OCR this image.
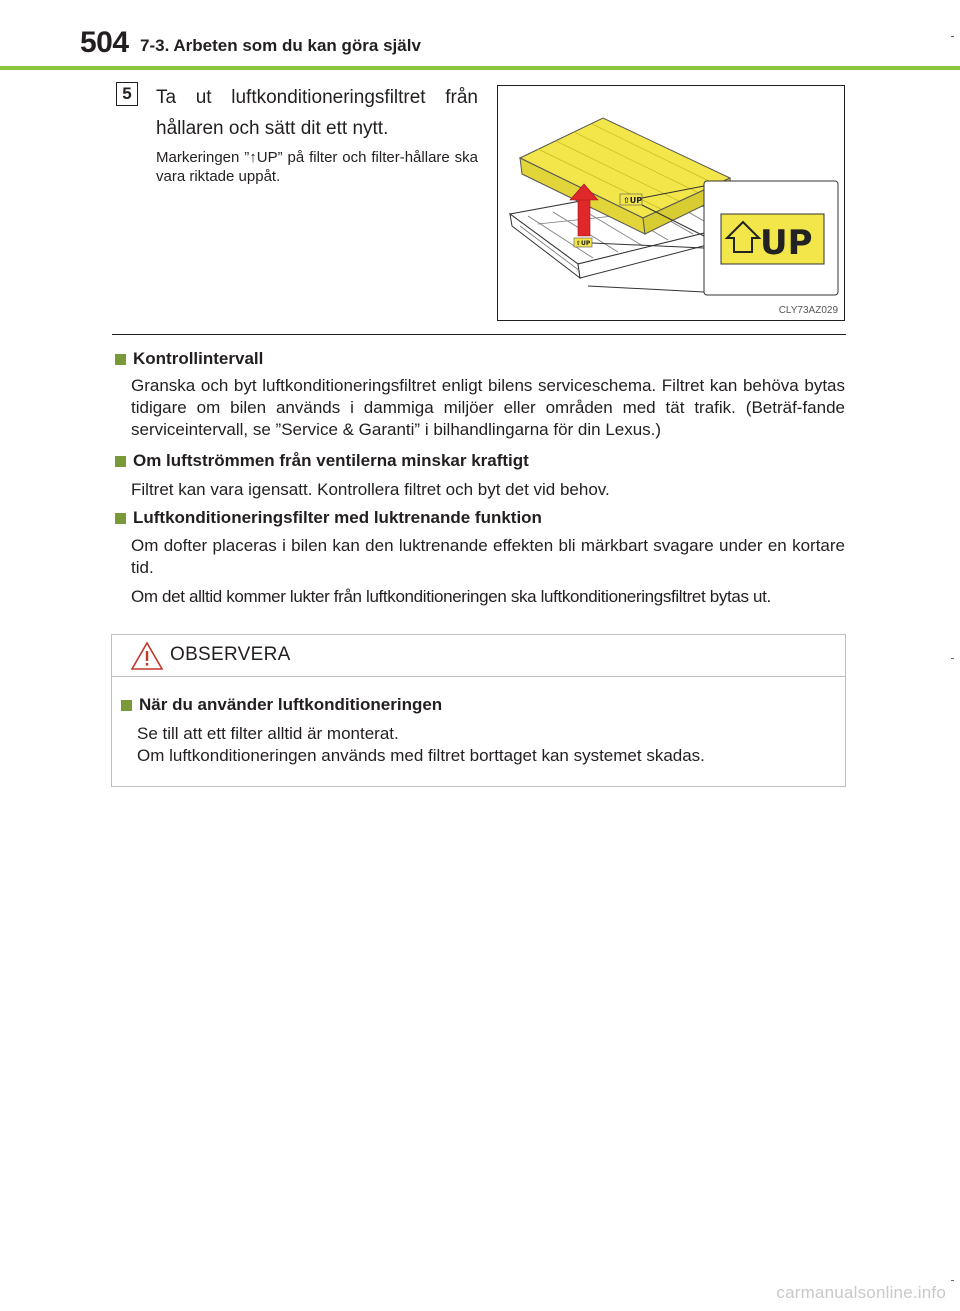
504 7-3. Arbeten som du kan göra själv
5	Ta ut luftkonditioneringsfiltret från hållaren och sätt dit ett nytt.
Markeringen ”↑UP” på filter och filter-hållare ska vara riktade uppåt.
⇧UP
⇧UP	UP
CLY73AZ029
Kontrollintervall
Granska och byt luftkonditioneringsfiltret enligt bilens serviceschema. Filtret kan behöva bytas tidigare om bilen används i dammiga miljöer eller områden med tät trafik. (Beträf-fande serviceintervall, se ”Service & Garanti” i bilhandlingarna för din Lexus.)
Om luftströmmen från ventilerna minskar kraftigt
Filtret kan vara igensatt. Kontrollera filtret och byt det vid behov.
Luftkonditioneringsfilter med luktrenande funktion
Om dofter placeras i bilen kan den luktrenande effekten bli märkbart svagare under en kortare tid.
Om det alltid kommer lukter från luftkonditioneringen ska luftkonditioneringsfiltret bytas ut.
OBSERVERA
När du använder luftkonditioneringen
Se till att ett filter alltid är monterat.
Om luftkonditioneringen används med filtret borttaget kan systemet skadas.
carmanualsonline.info
